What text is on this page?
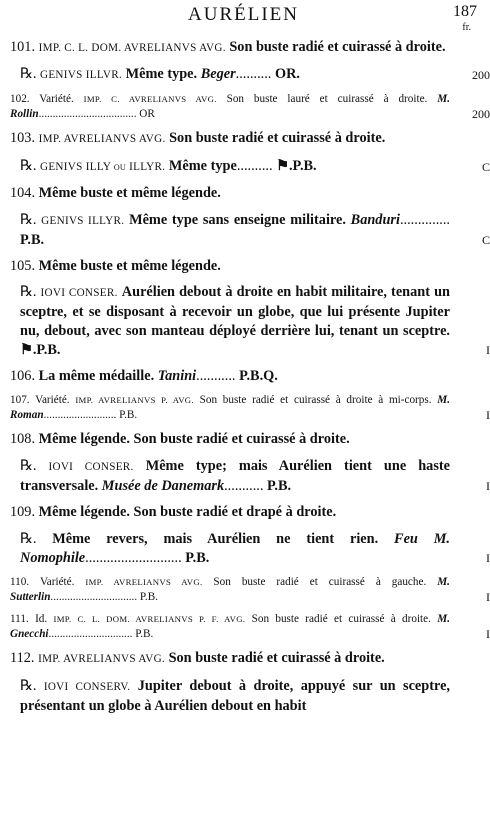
AURÉLIEN	187
fr.

101. IMP. C. L. DOM. AVRELIANVS AVG. Son buste radié et cuirassé à droite.

℞. GENIVS ILLVR. Même type. Beger.......... OR.	200

102. Variété. IMP. C. AVRELIANVS AVG. Son buste lauré et cuirassé à droite. M. Rollin................................... OR	200

103. IMP. AVRELIANVS AVG. Son buste radié et cuirassé à droite.

℞. GENIVS ILLY ou ILLYR. Même type.......... ⚑.P.B.	C

104. Même buste et même légende.

℞. GENIVS ILLYR. Même type sans enseigne militaire. Banduri.............. P.B.	C

105. Même buste et même légende.

℞. IOVI CONSER. Aurélien debout à droite en habit militaire, tenant un sceptre, et se disposant à recevoir un globe, que lui présente Jupiter nu, debout, avec son manteau déployé derrière lui, tenant un sceptre. ⚑.P.B.	I

106. La même médaille. Tanini........... P.B.Q.

107. Variété. IMP. AVRELIANVS P. AVG. Son buste radié et cuirassé à droite à mi-corps. M. Roman.......................... P.B.	I

108. Même légende. Son buste radié et cuirassé à droite.

℞. IOVI CONSER. Même type; mais Aurélien tient une haste transversale. Musée de Danemark........... P.B.	I

109. Même légende. Son buste radié et drapé à droite.

℞. Même revers, mais Aurélien ne tient rien. Feu M. Nomophile........................... P.B.	I

110. Variété. IMP. AVRELIANVS AVG. Son buste radié et cuirassé à gauche. M. Sutterlin............................... P.B.	I

111. Id. IMP. C. L. DOM. AVRELIANVS P. F. AVG. Son buste radié et cuirassé à droite. M. Gnecchi.............................. P.B.	I

112. IMP. AVRELIANVS AVG. Son buste radié et cuirassé à droite.

℞. IOVI CONSERV. Jupiter debout à droite, appuyé sur un sceptre, présentant un globe à Aurélien debout en habit
